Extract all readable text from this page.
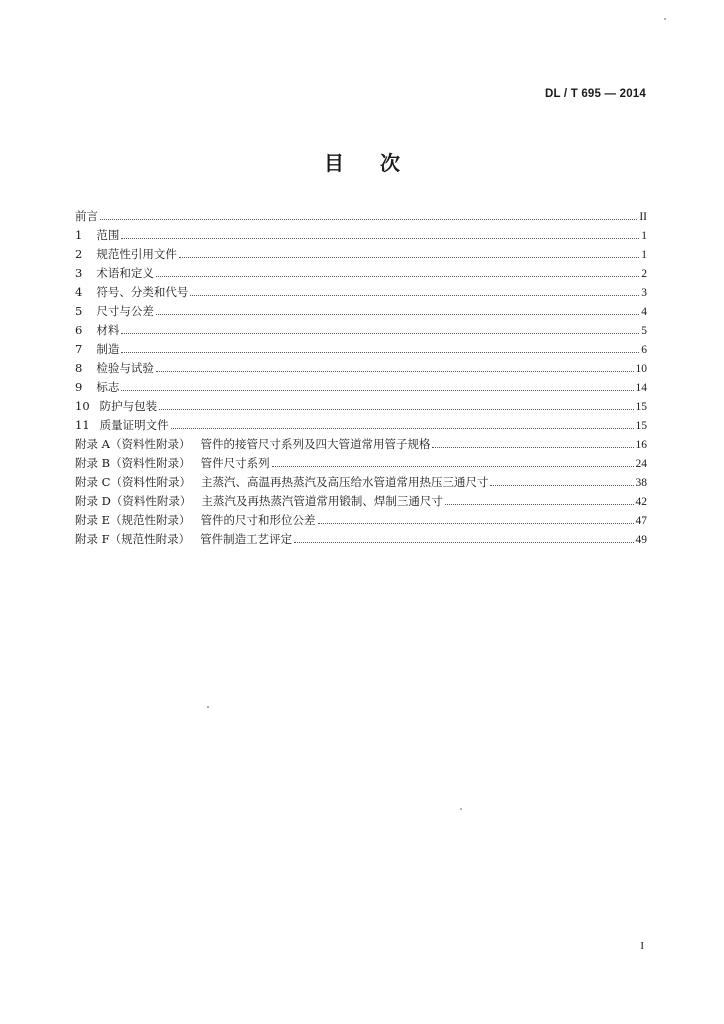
DL / T 695 — 2014
目次
前言	II
1 范围	1
2 规范性引用文件	1
3 术语和定义	2
4 符号、分类和代号	3
5 尺寸与公差	4
6 材料	5
7 制造	6
8 检验与试验	10
9 标志	14
10 防护与包装	15
11 质量证明文件	15
附录 A（资料性附录） 管件的接管尺寸系列及四大管道常用管子规格	16
附录 B（资料性附录） 管件尺寸系列	24
附录 C（资料性附录） 主蒸汽、高温再热蒸汽及高压给水管道常用热压三通尺寸	38
附录 D（资料性附录） 主蒸汽及再热蒸汽管道常用锻制、焊制三通尺寸	42
附录 E（规范性附录） 管件的尺寸和形位公差	47
附录 F（规范性附录） 管件制造工艺评定	49
I
